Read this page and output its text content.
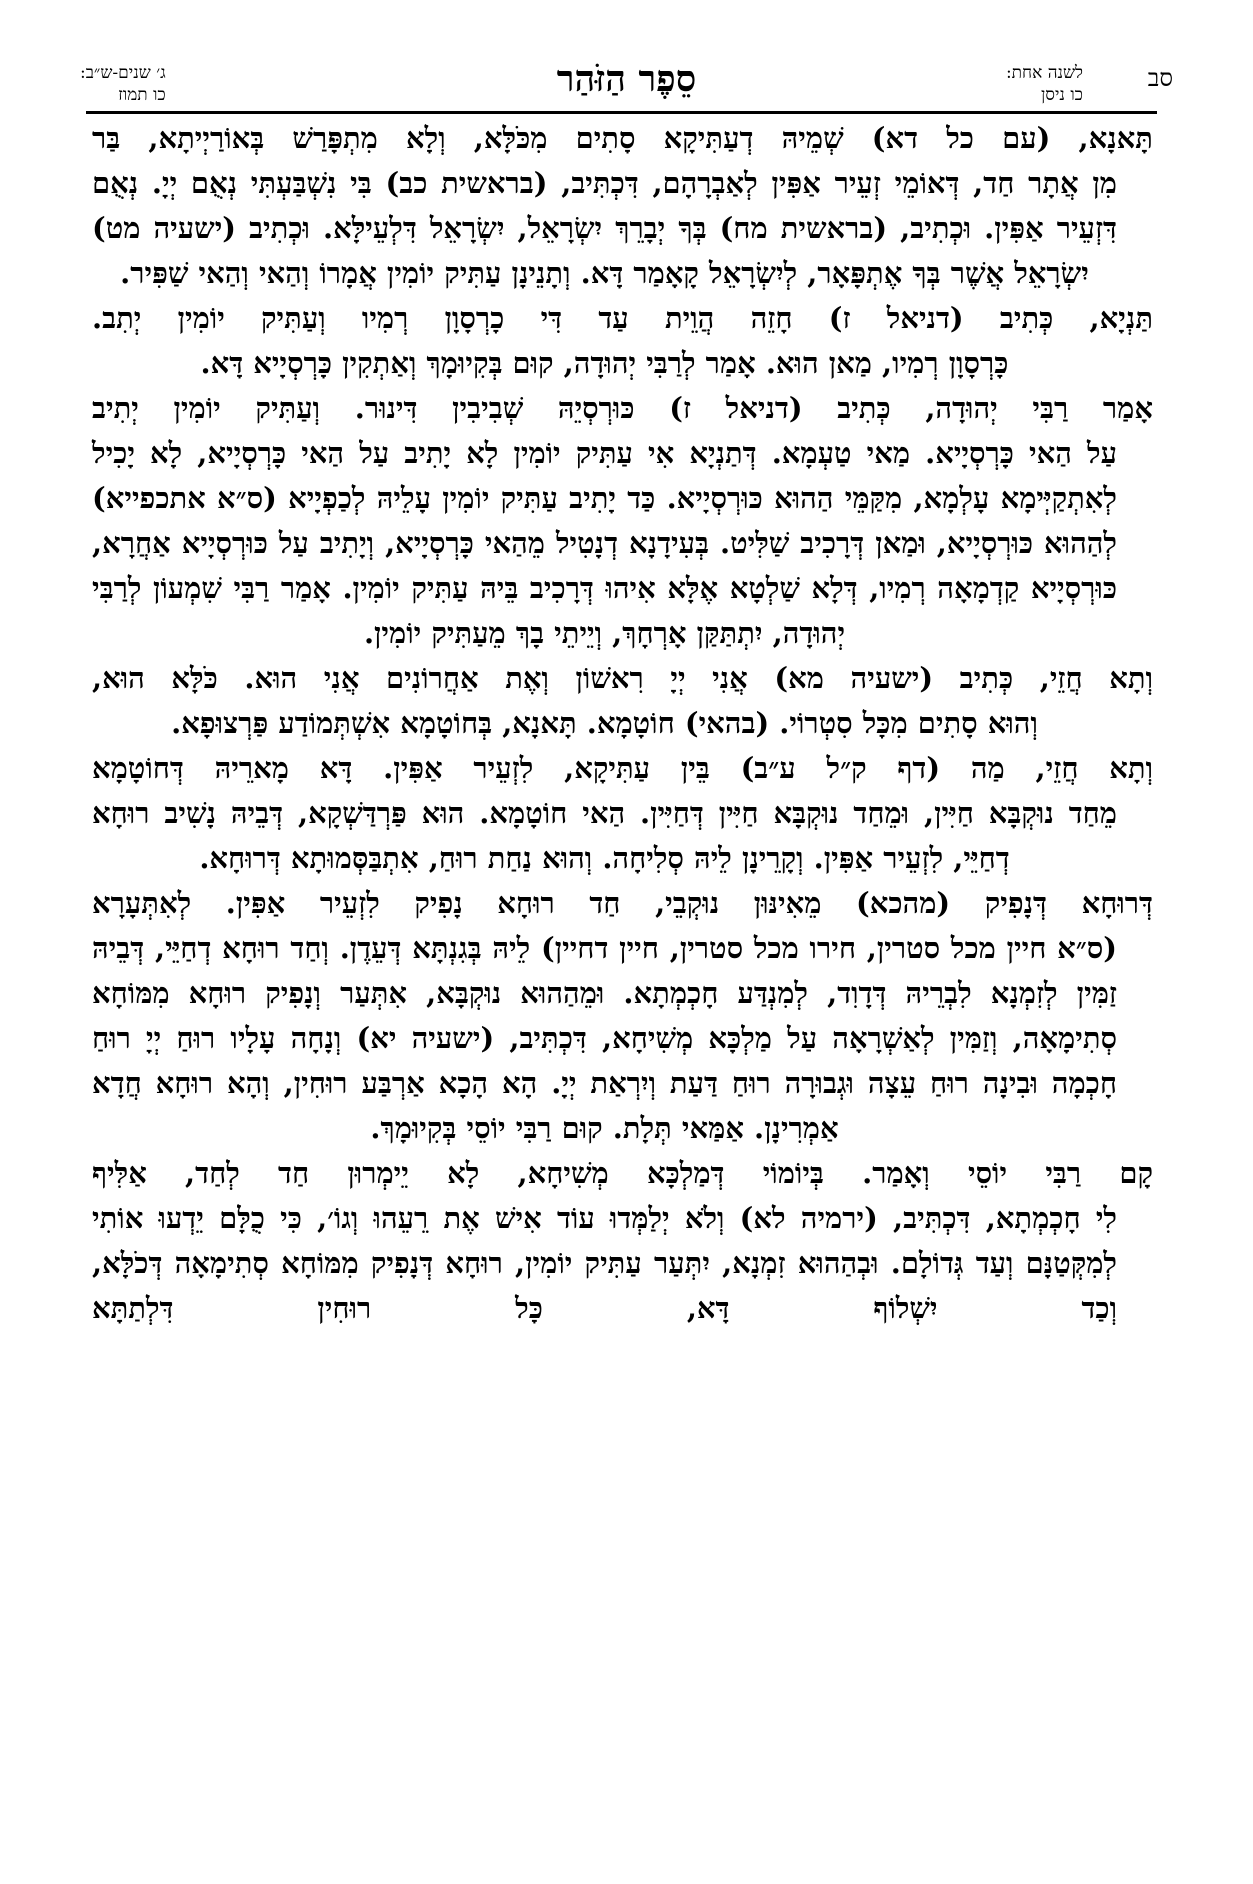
סב
לשנה אחת:
כו ניסן
סֵפֶר הַזֹּהַר
ג׳ שנים-ש״ב:
כו תמוז

תָּאנָא, (עם כל דא) שְׁמֵיהּ דְעַתִּיקָא סָתִים מִכֹּלָּא, וְלָא מִתְפָּרַשׁ בְּאוֹרַיְיתָא, בַּר

מִן אֲתָר חַד, דְּאוֹמֵי זְעֵיר אַפִּין לְאַבְרָהָם, דִּכְתִּיב, (בראשית כב) בִּי נִשְׁבַּעְתִּי נְאֻם יְיָ. נְאֻם דִּזְעֵיר אַפִּין. וּכְתִיב, (בראשית מח) בְּךָ יְבָרֵךְ יִשְׂרָאֵל, יִשְׂרָאֵל דִּלְעֵילָּא. וּכְתִיב (ישעיה מט) יִשְׂרָאֵל אֲשֶׁר בְּךָ אֶתְפָּאָר, לְיִשְׂרָאֵל קָאָמַר דָּא. וְתָנֵינָן עַתִּיק יוֹמִין אֲמָרוֹ וְהַאי וְהַאי שַׁפִּיר.

תַּנְיָא, כְּתִיב (דניאל ז) חָזֵה הֲוֵית עַד דִּי כָרְסָוָן רְמִיו וְעַתִּיק יוֹמִין יְתִב.

כָּרְסָוָן רְמִיו, מַאן הוּא. אָמַר לְרַבִּי יְהוּדָה, קוּם בְּקִיוּמָךְ וְאַתְקִין כָּרְסְיָיא דָּא.

אָמַר רַבִּי יְהוּדָה, כְּתִיב (דניאל ז) כּוּרְסְיֵהּ שְׁבִיבִין דִּינוּר. וְעַתִּיק יוֹמִין יְתִיב

עַל הַאי כָּרְסְיָיא. מַאי טַעְמָא. דְּתַנְיָא אִי עַתִּיק יוֹמִין לָא יָתִיב עַל הַאי כָּרְסְיָיא, לָא יָכִיל לְאִתְקַיְּימָא עָלְמָא, מִקַּמֵּי הַהוּא כּוּרְסְיָיא. כַּד יָתִיב עַתִּיק יוֹמִין עָלֵיהּ לְכַפְיָיא (ס״א אתכפייא) לְהַהוּא כּוּרְסְיָיא, וּמַאן דְּרָכִיב שַׁלִּיט. בְּעִידָנָא דְנָטִיל מֵהַאי כָּרְסְיָיא, וְיָתִיב עַל כּוּרְסְיָיא אַחֲרָא, כּוּרְסְיָיא קַדְמָאָה רְמִיו, דְּלָא שַׁלְטָא אֶלָּא אִיהוּ דְּרָכִיב בֵּיהּ עַתִּיק יוֹמִין. אָמַר רַבִּי שִׁמְעוֹן לְרַבִּי יְהוּדָה, יִתְתַּקַּן אָרְחָךְ, וְיֵיתֵי בָךְ מֵעַתִּיק יוֹמִין.

וְתָא חֲזֵי, כְּתִיב (ישעיה מא) אֲנִי יְיָ רִאשׁוֹן וְאֶת אַחֲרוֹנִים אֲנִי הוּא. כֹּלָּא הוּא,

וְהוּא סָתִים מִכָּל סִטְרוֹי. (בהאי) חוֹטָמָא. תָּאנָא, בְּחוֹטָמָא אִשְׁתְּמוֹדַע פַּרְצוּפָא.

וְתָא חֲזֵי, מַה (דף ק״ל ע״ב) בֵּין עַתִּיקָא, לִזְעֵיר אַפִּין. דָּא מָארֵיהּ דְּחוֹטָמָא

מֵחַד נוּקְבָּא חַיִּין, וּמֵחַד נוּקְבָּא חַיִּין דְּחַיִּין. הַאי חוֹטָמָא. הוּא פַּרְדַּשְׁקָא, דְּבֵיהּ נָשִׁיב רוּחָא דְחַיֵּי, לִזְעֵיר אַפִּין. וְקָרֵינָן לֵיהּ סְלִיחָה. וְהוּא נַחַת רוּחַ, אִתְבַּסְּמוּתָא דְּרוּחָא.

דְּרוּחָא דְּנָפִיק (מהכא) מֵאִינּוּן נוּקְבֵי, חַד רוּחָא נָפִיק לִזְעֵיר אַפִּין. לְאִתְּעָרָא

(ס״א חיין מכל סטרין, חירו מכל סטרין, חיין דחיין) לֵיהּ בְּגִנְתָּא דְּעֵדֶן. וְחַד רוּחָא דְחַיֵּי, דְּבֵיהּ זַמִּין לְזִמְנָא לִבְרֵיהּ דְּדָוִד, לְמִנְדַּע חָכְמְתָא. וּמֵהַהוּא נוּקְבָּא, אִתְּעַר וְנָפִיק רוּחָא מִמּוֹחָא סְתִימָאָה, וְזַמִּין לְאַשְׁרָאָה עַל מַלְכָּא מְשִׁיחָא, דִּכְתִּיב, (ישעיה יא) וְנָחָה עָלָיו רוּחַ יְיָ רוּחַ חָכְמָה וּבִינָה רוּחַ עֵצָה וּגְבוּרָה רוּחַ דַּעַת וְיִרְאַת יְיָ. הָא הָכָא אַרְבַּע רוּחִין, וְהָא רוּחָא חֲדָא אַמְרִינָן. אַמַּאי תְּלָת. קוּם רַבִּי יוֹסֵי בְּקִיוּמָךְ.

קָם רַבִּי יוֹסֵי וְאָמַר. בְּיוֹמוֹי דְּמַלְכָּא מְשִׁיחָא, לָא יֵימְרוּן חַד לְחַד, אַלִּיף

לִי חָכְמְתָא, דִּכְתִּיב, (ירמיה לא) וְלֹא יְלַמְּדוּ עוֹד אִישׁ אֶת רֵעֵהוּ וְגוֹ׳, כִּי כֻלָּם יֵדְעוּ אוֹתִי לְמִקְּטַנָּם וְעַד גְּדוֹלָם. וּבְהַהוּא זִמְנָא, יִתְּעַר עַתִּיק יוֹמִין, רוּחָא דְּנָפִיק מִמּוֹחָא סְתִימָאָה דְּכֹלָּא, וְכַד יִשְׁלוֹף דָּא, כָּל רוּחִין דִּלְתַתָּא
